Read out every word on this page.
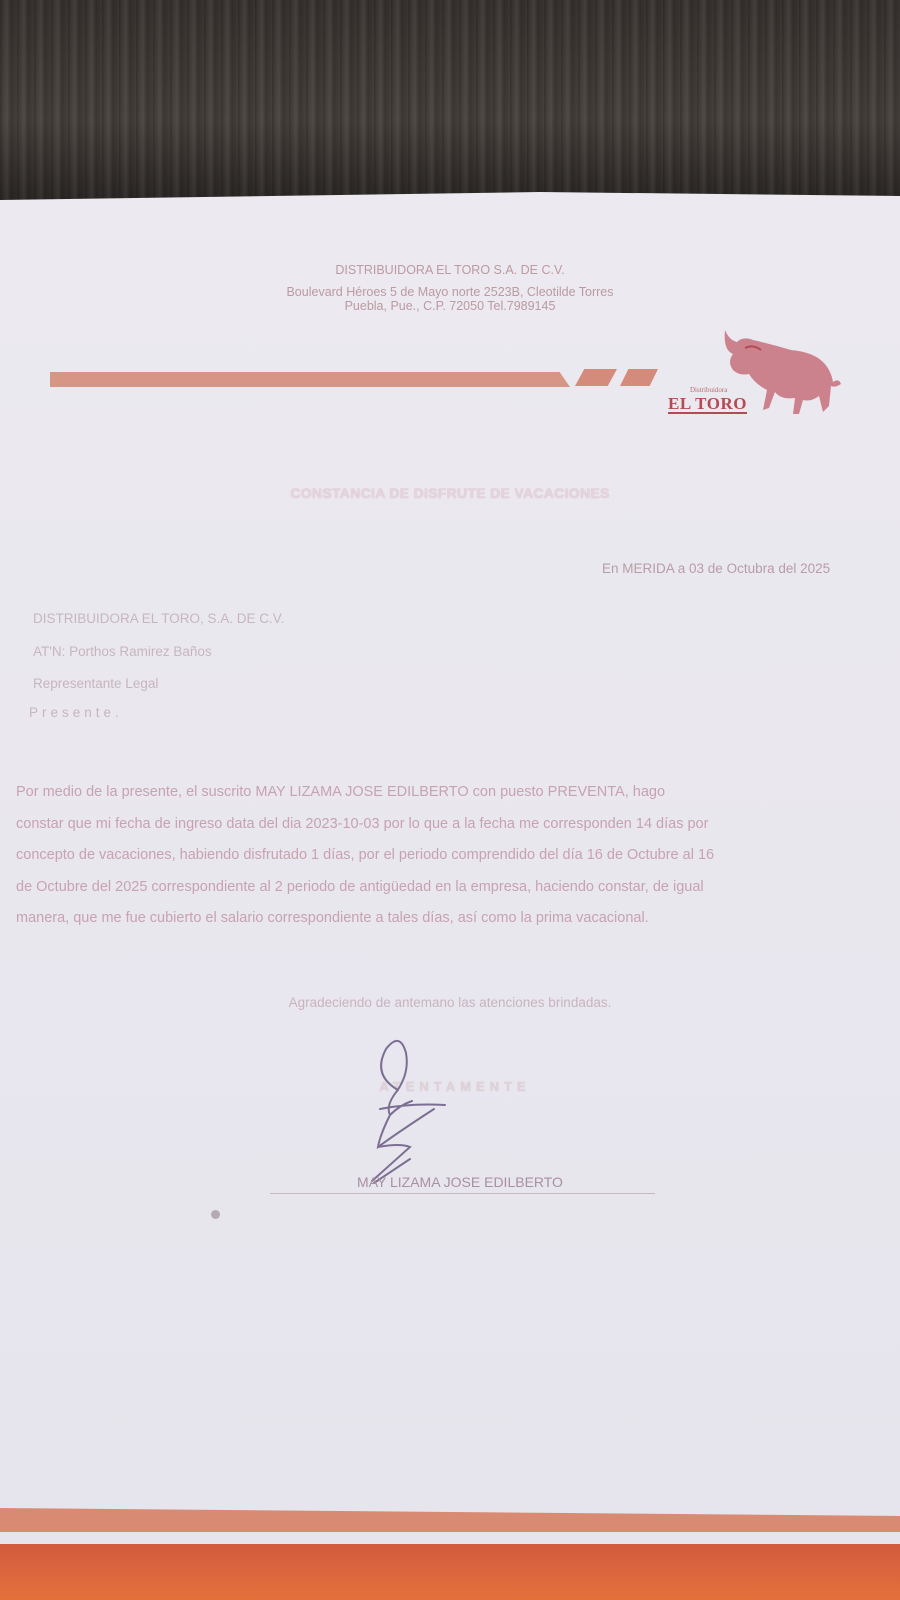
DISTRIBUIDORA EL TORO S.A. DE C.V.
Boulevard Héroes 5 de Mayo norte 2523B, Cleotilde Torres
Puebla, Pue., C.P. 72050 Tel.7989145
Distribuidora
EL TORO
CONSTANCIA DE DISFRUTE DE VACACIONES
En MERIDA a 03 de Octubra del 2025
DISTRIBUIDORA EL TORO, S.A. DE C.V.
AT'N: Porthos Ramirez Baños
Representante Legal
Presente.
Por medio de la presente, el suscrito MAY LIZAMA JOSE EDILBERTO con puesto PREVENTA, hago
constar que mi fecha de ingreso data del dia 2023-10-03 por lo que a la fecha me corresponden 14 días por
concepto de vacaciones, habiendo disfrutado 1 días, por el periodo comprendido del día 16 de Octubre al 16
de Octubre del 2025 correspondiente al 2 periodo de antigüedad en la empresa, haciendo constar, de igual
manera, que me fue cubierto el salario correspondiente a tales días, así como la prima vacacional.
Agradeciendo de antemano las atenciones brindadas.
ATENTAMENTE
MAY LIZAMA JOSE EDILBERTO
